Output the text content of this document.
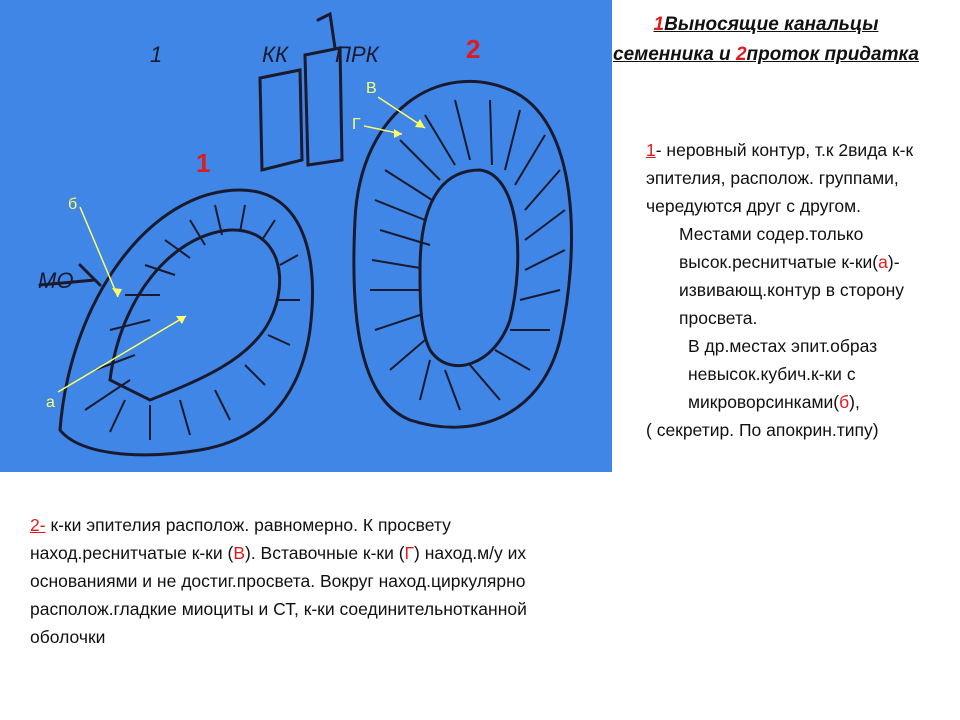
1	КК ПРК
МО
1
2
б
а
В
Г
1Выносящие канальцы
семенника и 2проток придатка

1- неровный контур, т.к 2вида к-к эпителия, располож. группами, чередуются друг с другом.

Местами содер.только высок.реснитчатые к-ки(а)- извивающ.контур в сторону просвета.

В др.местах эпит.образ невысок.кубич.к-ки с микроворсинками(б),

( секретир. По апокрин.типу)

2- к-ки эпителия располож. равномерно. К просвету наход.реснитчатые к-ки (В). Вставочные к-ки (Г) наход.м/у их основаниями и не достиг.просвета. Вокруг наход.циркулярно располож.гладкие миоциты и СТ, к-ки соединительнотканной оболочки
